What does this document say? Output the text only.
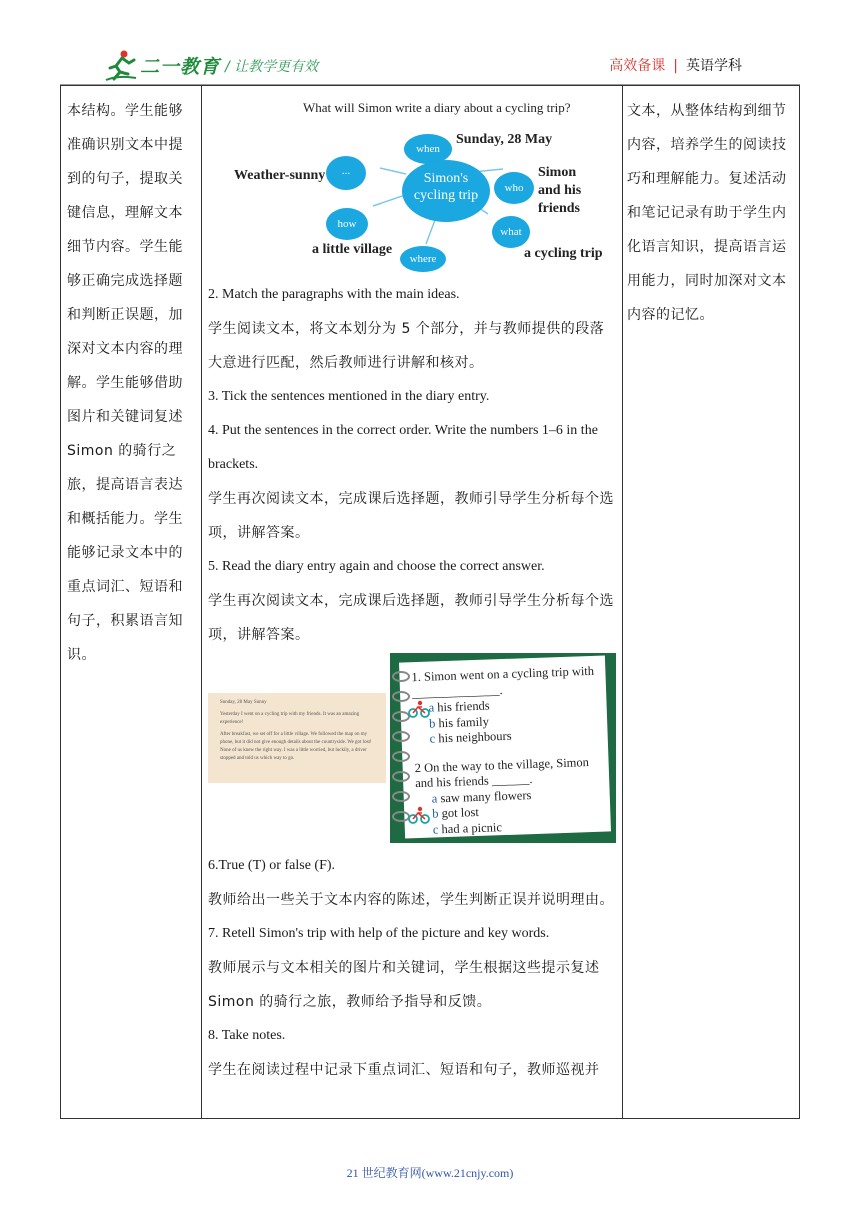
二一教育 / 让教学更有效	高效备课 | 英语学科
本结构。学生能够准确识别文本中提到的句子，提取关键信息，理解文本细节内容。学生能够正确完成选择题和判断正误题，加深对文本内容的理解。学生能够借助图片和关键词复述Simon 的骑行之旅，提高语言表达和概括能力。学生能够记录文本中的重点词汇、短语和句子，积累语言知识。
What will Simon write a diary about a cycling trip?
when
...
who
how
what
where
Simon's cycling trip
Sunday, 28 May
Simon and his friends
Weather-sunny
a little village	a cycling trip

2. Match the paragraphs with the main ideas.

学生阅读文本，将文本划分为 5 个部分，并与教师提供的段落大意进行匹配，然后教师进行讲解和核对。

3. Tick the sentences mentioned in the diary entry.

4. Put the sentences in the correct order. Write the numbers 1–6 in the brackets.

学生再次阅读文本，完成课后选择题，教师引导学生分析每个选项，讲解答案。

5. Read the diary entry again and choose the correct answer.

学生再次阅读文本，完成课后选择题，教师引导学生分析每个选项，讲解答案。

Sunday, 28 May Sunny

Yesterday I went on a cycling trip with my friends. It was an amazing experience!

After breakfast, we set off for a little village. We followed the map on my phone, but it did not give enough details about the countryside. We got lost! None of us knew the right way. I was a little worried, but luckily, a driver stopped and told us which way to go.

1. Simon went on a cycling trip with ______________.

a his friends

b his family

c his neighbours

2 On the way to the village, Simon and his friends ______.

a saw many flowers

b got lost

c had a picnic

6.True (T) or false (F).

教师给出一些关于文本内容的陈述，学生判断正误并说明理由。

7. Retell Simon's trip with help of the picture and key words.

教师展示与文本相关的图片和关键词，学生根据这些提示复述Simon 的骑行之旅，教师给予指导和反馈。

8. Take notes.

学生在阅读过程中记录下重点词汇、短语和句子，教师巡视并

文本，从整体结构到细节内容，培养学生的阅读技巧和理解能力。复述活动和笔记记录有助于学生内化语言知识，提高语言运用能力，同时加深对文本内容的记忆。
21 世纪教育网(www.21cnjy.com)
